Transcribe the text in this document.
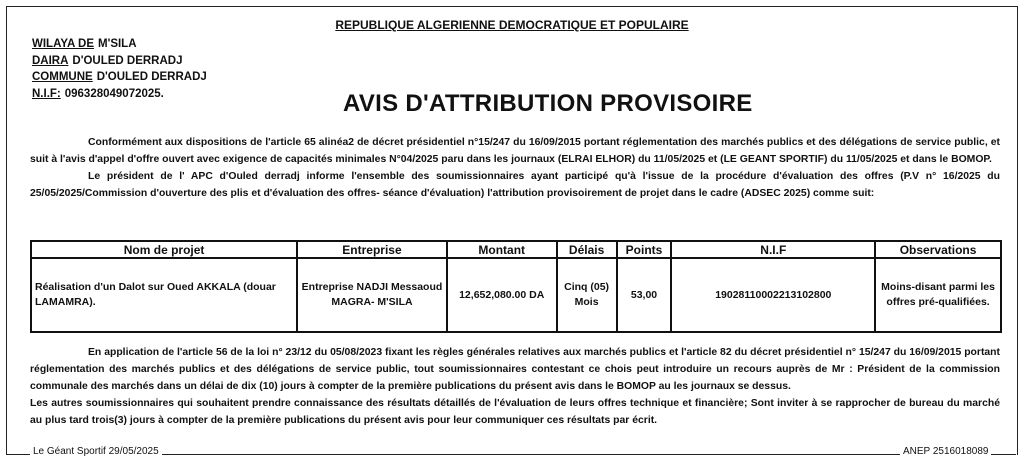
REPUBLIQUE ALGERIENNE DEMOCRATIQUE ET POPULAIRE
WILAYA DE M'SILA
DAIRA D'OULED DERRADJ
COMMUNE D'OULED DERRADJ
N.I.F: 096328049072025.	AVIS D'ATTRIBUTION PROVISOIRE

Conformément aux dispositions de l'article 65 alinéa2 de décret présidentiel n°15/247 du 16/09/2015 portant réglementation des marchés publics et des délégations de service public, et suit à l'avis d'appel d'offre ouvert avec exigence de capacités minimales N°04/2025 paru dans les journaux (ELRAI ELHOR) du 11/05/2025 et (LE GEANT SPORTIF) du 11/05/2025 et dans le BOMOP.

Le président de l' APC d'Ouled derradj informe l'ensemble des soumissionnaires ayant participé qu'à l'issue de la procédure d'évaluation des offres (P.V n° 16/2025 du 25/05/2025/Commission d'ouverture des plis et d'évaluation des offres- séance d'évaluation) l'attribution provisoirement de projet dans le cadre (ADSEC 2025) comme suit:

Nom de projet	Entreprise	Montant	Délais	Points	N.I.F	Observations
Réalisation d'un Dalot sur Oued AKKALA (douar LAMAMRA).	Entreprise NADJI Messaoud MAGRA- M'SILA	12,652,080.00 DA	Cinq (05) Mois	53,00	19028110002213102800	Moins-disant parmi les offres pré-qualifiées.

En application de l'article 56 de la loi n° 23/12 du 05/08/2023 fixant les règles générales relatives aux marchés publics et l'article 82 du décret présidentiel n° 15/247 du 16/09/2015 portant réglementation des marchés publics et des délégations de service public, tout soumissionnaires contestant ce chois peut introduire un recours auprès de Mr : Président de la commission communale des marchés dans un délai de dix (10) jours à compter de la première publications du présent avis dans le BOMOP au les journaux se dessus.

Les autres soumissionnaires qui souhaitent prendre connaissance des résultats détaillés de l'évaluation de leurs offres technique et financière; Sont inviter à se rapprocher de bureau du marché au plus tard trois(3) jours à compter de la première publications du présent avis pour leur communiquer ces résultats par écrit.

Le Géant Sportif 29/05/2025	ANEP 2516018089
